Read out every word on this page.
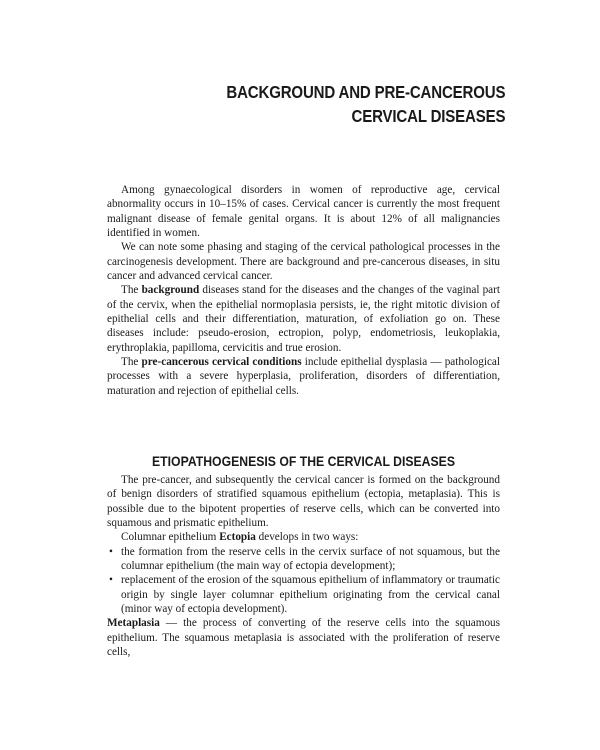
BACKGROUND AND PRE-CANCEROUS
CERVICAL DISEASES

Among gynaecological disorders in women of reproductive age, cervical abnormality occurs in 10–15% of cases. Cervical cancer is currently the most frequent malignant disease of female genital organs. It is about 12% of all malignancies identified in women.

We can note some phasing and staging of the cervical pathological processes in the carcinogenesis development. There are background and pre-cancerous diseases, in situ cancer and advanced cervical cancer.

The background diseases stand for the diseases and the changes of the vaginal part of the cervix, when the epithelial normoplasia persists, ie, the right mitotic division of epithelial cells and their differentiation, maturation, of exfoliation go on. These diseases include: pseudo-erosion, ectropion, polyp, endometriosis, leukoplakia, erythroplakia, papilloma, cervicitis and true erosion.

The pre-cancerous cervical conditions include epithelial dysplasia — pathological processes with a severe hyperplasia, proliferation, disorders of differentiation, maturation and rejection of epithelial cells.

ETIOPATHOGENESIS OF THE CERVICAL DISEASES

The pre-cancer, and subsequently the cervical cancer is formed on the background of benign disorders of stratified squamous epithelium (ectopia, metaplasia). This is possible due to the bipotent properties of reserve cells, which can be converted into squamous and prismatic epithelium.

Columnar epithelium Ectopia develops in two ways:

• the formation from the reserve cells in the cervix surface of not squamous, but the columnar epithelium (the main way of ectopia development);
• replacement of the erosion of the squamous epithelium of inflammatory or traumatic origin by single layer columnar epithelium originating from the cervical canal (minor way of ectopia development).

Metaplasia — the process of converting of the reserve cells into the squamous epithelium. The squamous metaplasia is associated with the proliferation of reserve cells,
